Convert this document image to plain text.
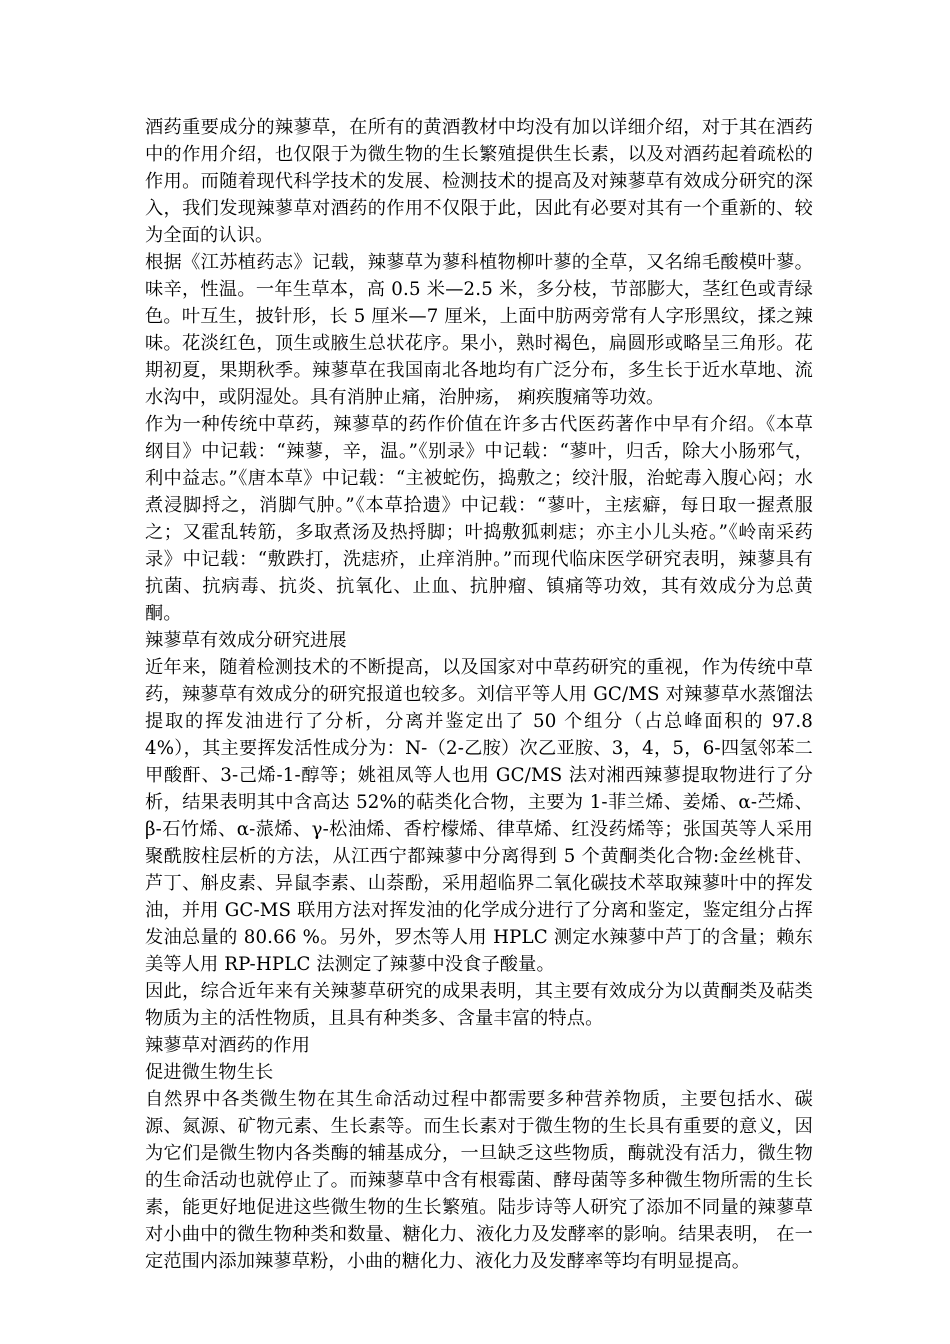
酒药重要成分的辣蓼草，在所有的黄酒教材中均没有加以详细介绍，对于其在酒药中的作用介绍，也仅限于为微生物的生长繁殖提供生长素，以及对酒药起着疏松的作用。而随着现代科学技术的发展、检测技术的提高及对辣蓼草有效成分研究的深入，我们发现辣蓼草对酒药的作用不仅限于此，因此有必要对其有一个重新的、较为全面的认识。

根据《江苏植药志》记载，辣蓼草为蓼科植物柳叶蓼的全草，又名绵毛酸模叶蓼。味辛，性温。一年生草本，高 0.5 米—2.5 米，多分枝，节部膨大，茎红色或青绿色。叶互生，披针形，长 5 厘米—7 厘米，上面中肪两旁常有人字形黑纹，揉之辣味。花淡红色，顶生或腋生总状花序。果小，熟时褐色，扁圆形或略呈三角形。花期初夏，果期秋季。辣蓼草在我国南北各地均有广泛分布，多生长于近水草地、流水沟中，或阴湿处。具有消肿止痛，治肿疡， 痢疾腹痛等功效。

作为一种传统中草药，辣蓼草的药作价值在许多古代医药著作中早有介绍。《本草纲目》中记载：“辣蓼，辛，温。”《别录》中记载：“蓼叶，归舌，除大小肠邪气，利中益志。”《唐本草》中记载：“主被蛇伤，捣敷之；绞汁服，治蛇毒入腹心闷；水煮浸脚捋之，消脚气肿。”《本草拾遗》中记载：“蓼叶，主痃癖，每日取一握煮服之；又霍乱转筋，多取煮汤及热捋脚；叶捣敷狐刺痣；亦主小儿头疮。”《岭南采药录》中记载：“敷跌打，洗痣疥，止痒消肿。”而现代临床医学研究表明，辣蓼具有抗菌、抗病毒、抗炎、抗氧化、止血、抗肿瘤、镇痛等功效，其有效成分为总黄酮。

辣蓼草有效成分研究进展

近年来，随着检测技术的不断提高，以及国家对中草药研究的重视，作为传统中草药，辣蓼草有效成分的研究报道也较多。刘信平等人用 GC/MS 对辣蓼草水蒸馏法提取的挥发油进行了分析，分离并鉴定出了 50 个组分（占总峰面积的 97.84%），其主要挥发活性成分为：N-（2-乙胺）次乙亚胺、3，4，5，6-四氢邻苯二甲酸酐、3-己烯-1-醇等；姚祖凤等人也用 GC/MS 法对湘西辣蓼提取物进行了分析，结果表明其中含高达 52%的萜类化合物，主要为 1-菲兰烯、姜烯、α-苎烯、β-石竹烯、α-蒎烯、γ-松油烯、香柠檬烯、律草烯、红没药烯等；张国英等人采用聚酰胺柱层析的方法，从江西宁都辣蓼中分离得到 5 个黄酮类化合物:金丝桃苷、芦丁、斛皮素、异鼠李素、山萘酚，采用超临界二氧化碳技术萃取辣蓼叶中的挥发油，并用 GC-MS 联用方法对挥发油的化学成分进行了分离和鉴定，鉴定组分占挥发油总量的 80.66 %。另外，罗杰等人用 HPLC 测定水辣蓼中芦丁的含量；赖东美等人用 RP-HPLC 法测定了辣蓼中没食子酸量。

因此，综合近年来有关辣蓼草研究的成果表明，其主要有效成分为以黄酮类及萜类物质为主的活性物质，且具有种类多、含量丰富的特点。

辣蓼草对酒药的作用
促进微生物生长

自然界中各类微生物在其生命活动过程中都需要多种营养物质，主要包括水、碳源、氮源、矿物元素、生长素等。而生长素对于微生物的生长具有重要的意义，因为它们是微生物内各类酶的辅基成分，一旦缺乏这些物质，酶就没有活力，微生物的生命活动也就停止了。而辣蓼草中含有根霉菌、酵母菌等多种微生物所需的生长素，能更好地促进这些微生物的生长繁殖。陆步诗等人研究了添加不同量的辣蓼草对小曲中的微生物种类和数量、糖化力、液化力及发酵率的影响。结果表明， 在一定范围内添加辣蓼草粉，小曲的糖化力、液化力及发酵率等均有明显提高。
